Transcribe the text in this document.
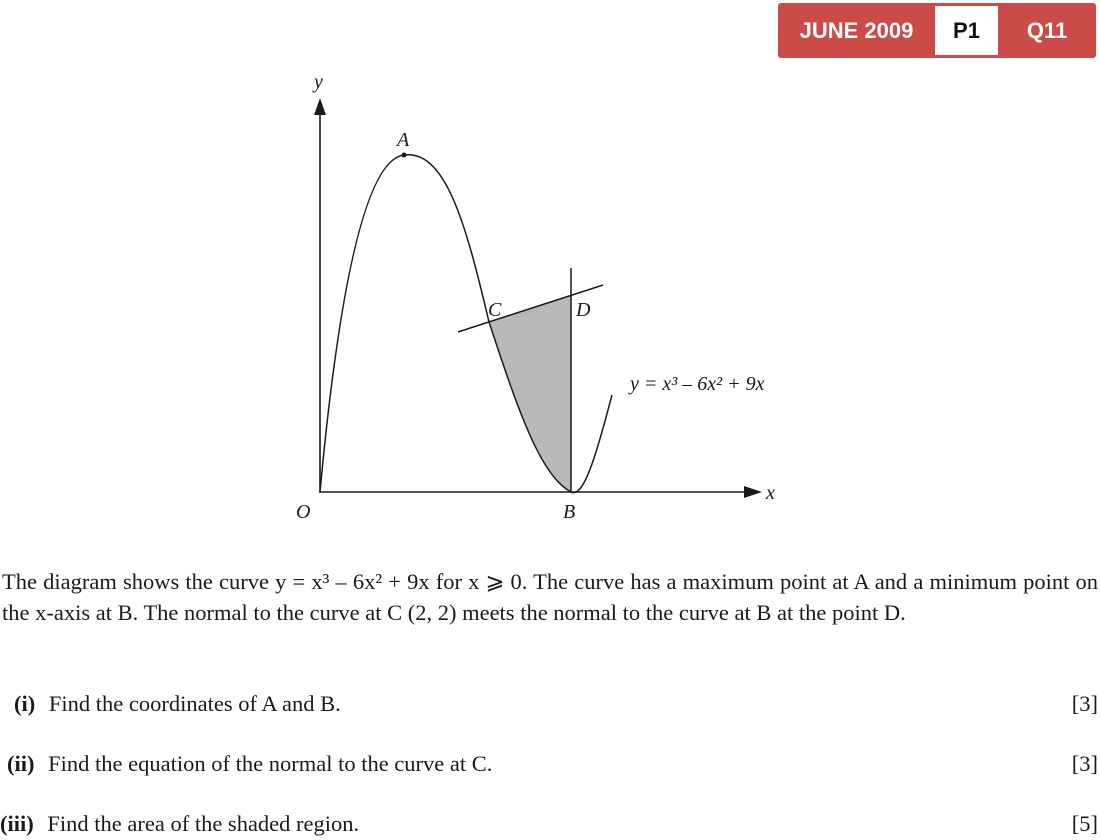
JUNE 2009	P1	Q11
y
x
O
A
B
C	D
y = x³ – 6x² + 9x
The diagram shows the curve y = x³ – 6x² + 9x for x ⩾ 0. The curve has a maximum point at A and a minimum point on the x-axis at B. The normal to the curve at C (2, 2) meets the normal to the curve at B at the point D.
(i) Find the coordinates of A and B.	[3]
(ii) Find the equation of the normal to the curve at C.	[3]
(iii) Find the area of the shaded region.	[5]
